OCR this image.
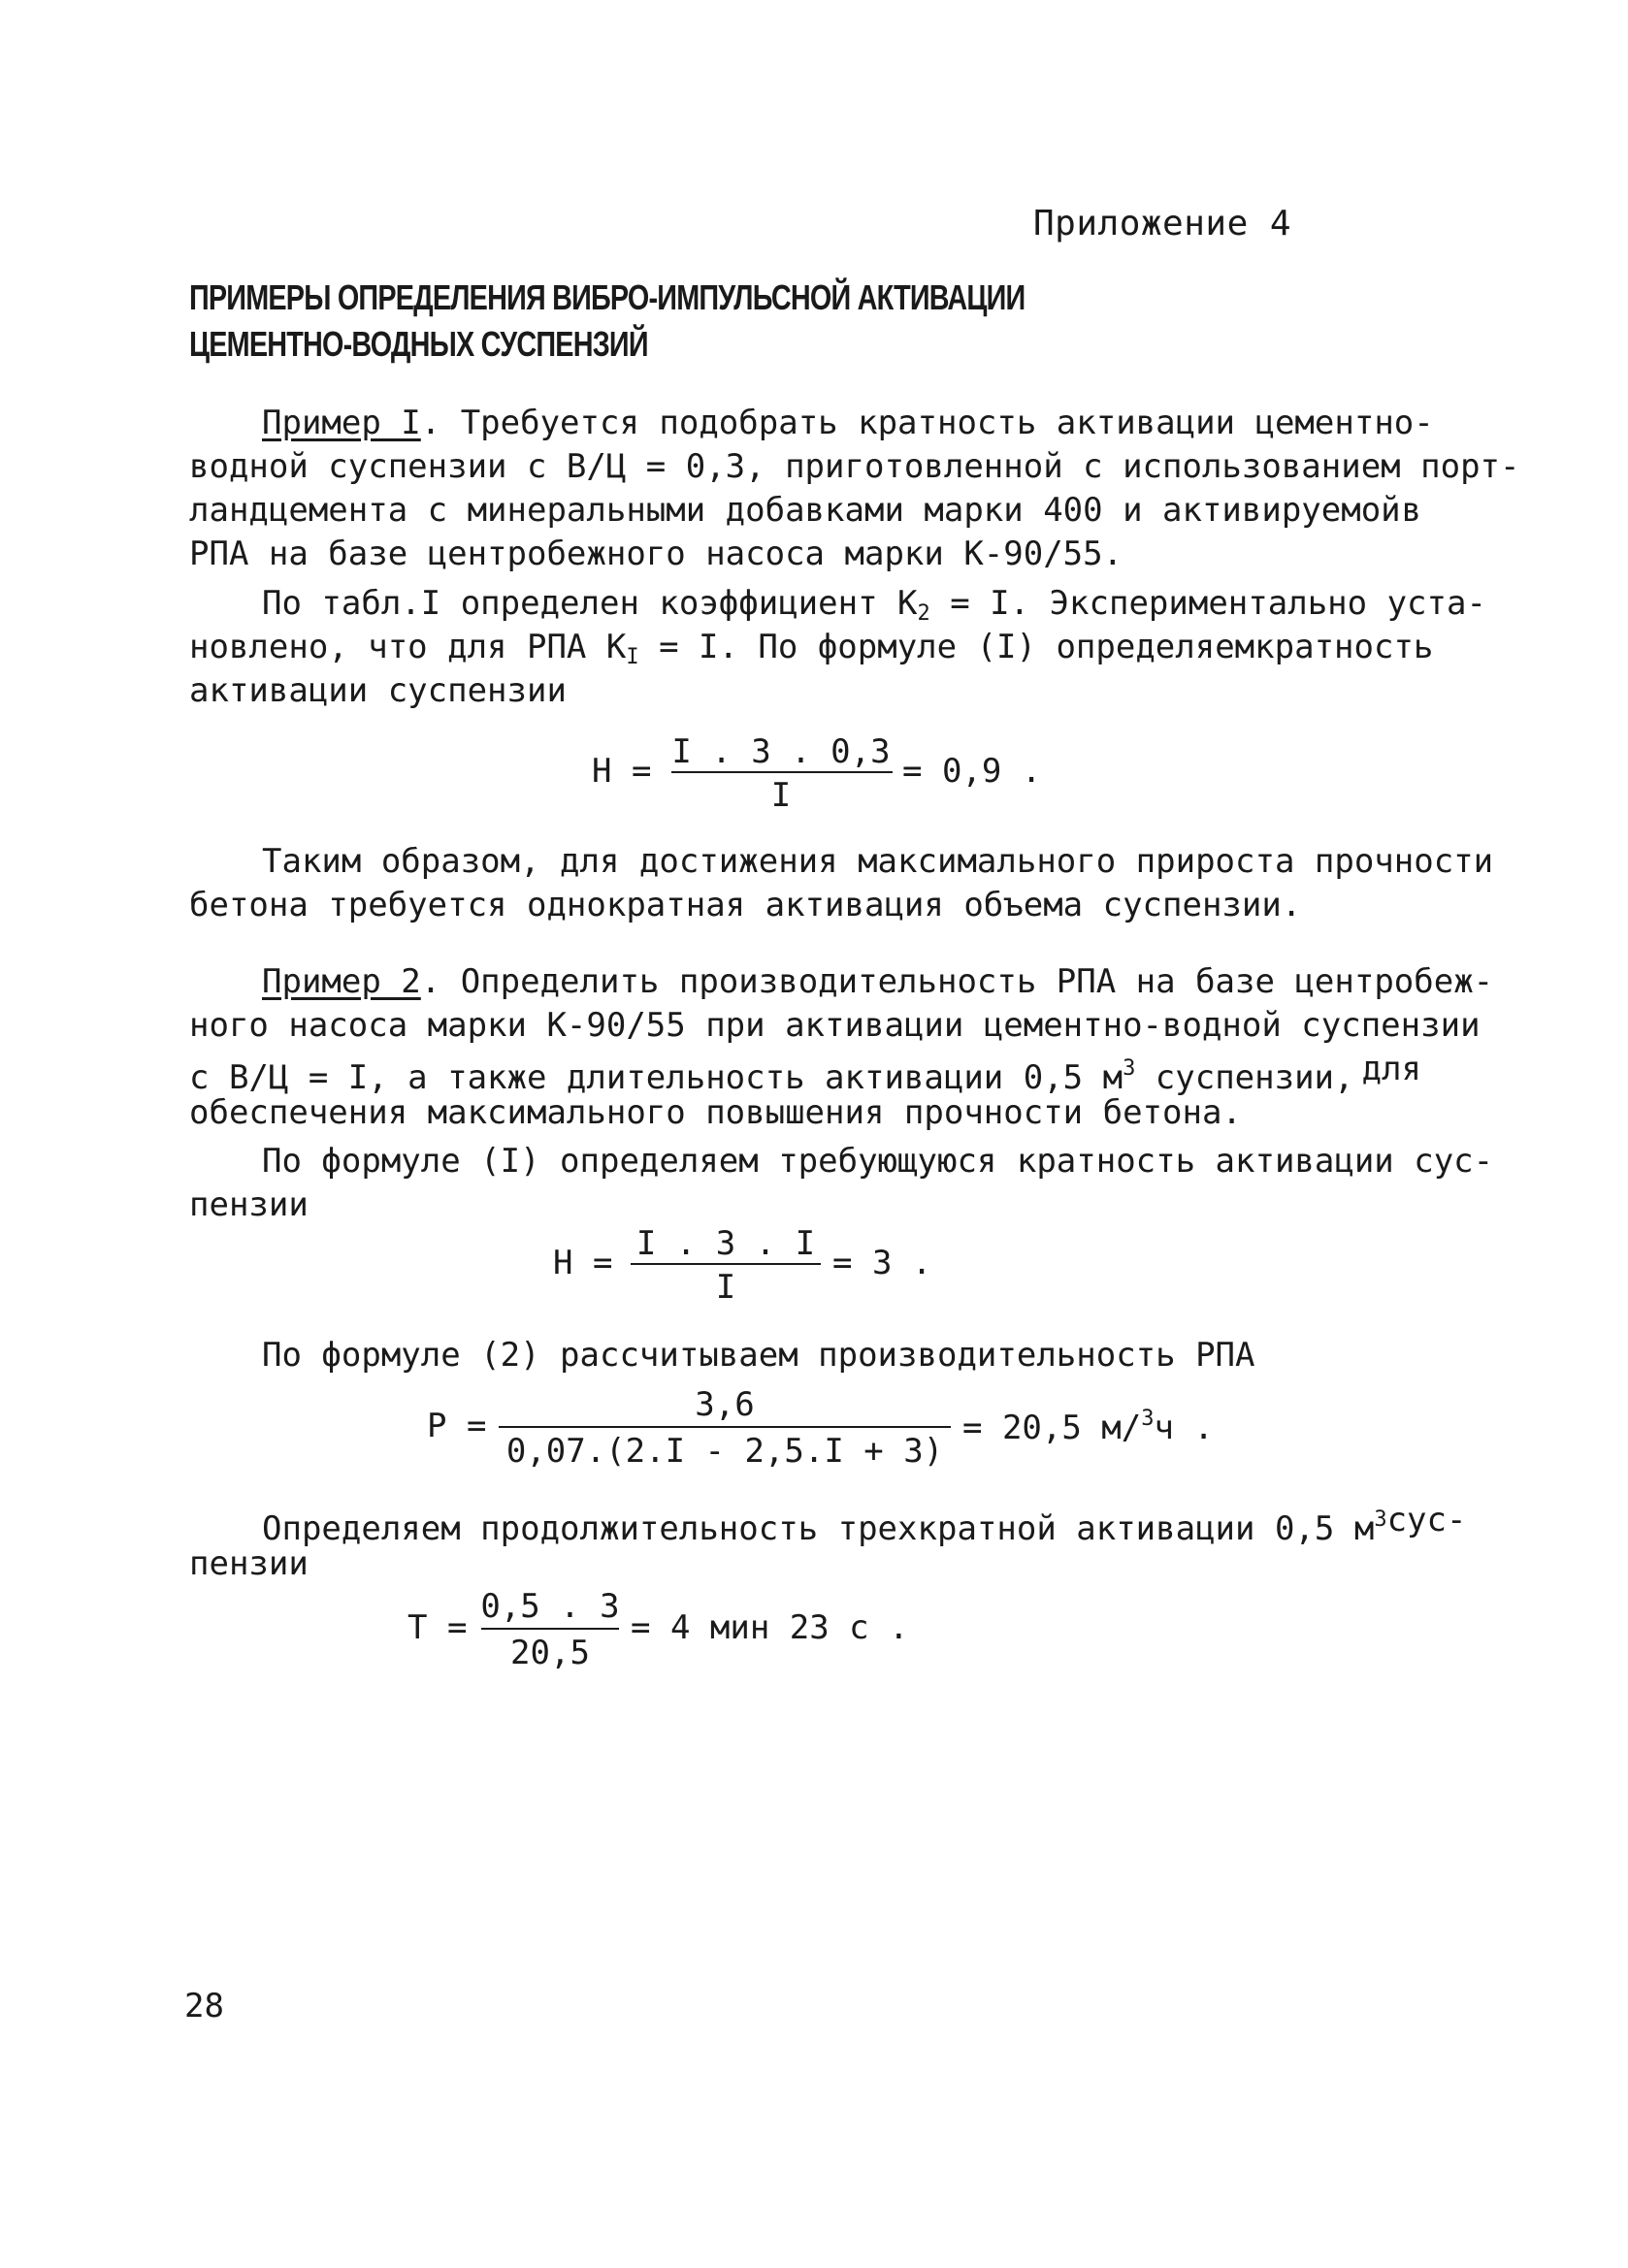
Приложение 4
ПРИМЕРЫ ОПРЕДЕЛЕНИЯ ВИБРО-ИМПУЛЬСНОЙ АКТИВАЦИИ
ЦЕМЕНТНО-ВОДНЫХ СУСПЕНЗИЙ
Пример I. Требуется подобрать кратность активации цементно-
водной суспензии с В/Ц = 0,3, приготовленной с использованием порт-
ландцемента с минеральными добавками марки 400 и активируемой в
РПА на базе центробежного насоса марки К-90/55.
По табл.I определен коэффициент $К_2 = I$. Экспериментально уста-
новлено, что для РПА $К_I = I$. По формуле (I) определяем кратность
активации суспензии
Н = I . 3 . 0,3
I
= 0,9 .
Таким образом, для достижения максимального прироста прочности
бетона требуется однократная активация объема суспензии.
Пример 2. Определить производительность РПА на базе центробеж-
ного насоса марки К-90/55 при активации цементно-водной суспензии
с В/Ц = I, а также длительность активации 0,5 $м^3$ суспензии, для
обеспечения максимального повышения прочности бетона.
По формуле (I) определяем требующуюся кратность активации сус-
пензии
Н = I . 3 . I
I
= 3 .
По формуле (2) рассчитываем производительность РПА
Р =
3,6
0,07.(2.I - 2,5.I + 3)
= 20,5 м/$^3$ч .
Определяем продолжительность трехкратной активации 0,5 $м^3$ сус-
пензии
Т =
0,5 . 3
20,5
= 4 мин 23 с .
28
